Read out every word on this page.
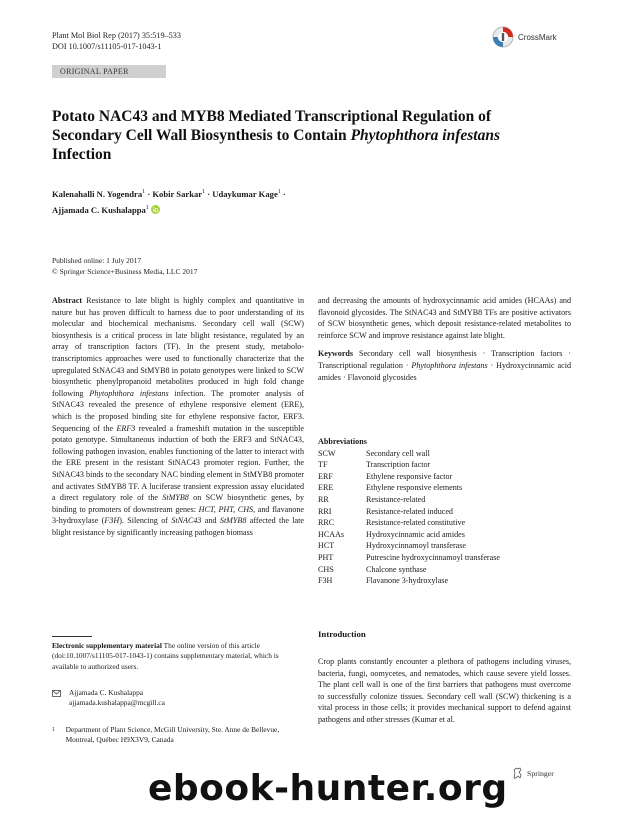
Plant Mol Biol Rep (2017) 35:519–533
DOI 10.1007/s11105-017-1043-1
CrossMark
ORIGINAL PAPER
Potato NAC43 and MYB8 Mediated Transcriptional Regulation of Secondary Cell Wall Biosynthesis to Contain Phytophthora infestans Infection
Kalenahalli N. Yogendra$^1$ · Kobir Sarkar$^1$ · Udaykumar Kage$^1$ ·
Ajjamada C. Kushalappa$^1$
Published online: 1 July 2017
© Springer Science+Business Media, LLC 2017

Abstract Resistance to late blight is highly complex and quantitative in nature but has proven difficult to harness due to poor understanding of its molecular and biochemical mechanisms. Secondary cell wall (SCW) biosynthesis is a critical process in late blight resistance, regulated by an array of transcription factors (TF). In the present study, metabolo-transcriptomics approaches were used to functionally characterize that the upregulated StNAC43 and StMYB8 in potato genotypes were linked to SCW biosynthetic phenylpropanoid metabolites produced in high fold change following Phytophthora infestans infection. The promoter analysis of StNAC43 revealed the presence of ethylene responsive element (ERE), which is the proposed binding site for ethylene responsive factor, ERF3. Sequencing of the ERF3 revealed a frameshift mutation in the susceptible potato genotype. Simultaneous induction of both the ERF3 and StNAC43, following pathogen invasion, enables functioning of the latter to interact with the ERE present in the resistant StNAC43 promoter region. Further, the StNAC43 binds to the secondary NAC binding element in StMYB8 promoter and activates StMYB8 TF. A luciferase transient expression assay elucidated a direct regulatory role of the StMYB8 on SCW biosynthetic genes, by binding to promoters of downstream genes: HCT, PHT, CHS, and flavanone 3-hydroxylase (F3H). Silencing of StNAC43 and StMYB8 affected the late blight resistance by significantly increasing pathogen biomass

and decreasing the amounts of hydroxycinnamic acid amides (HCAAs) and flavonoid glycosides. The StNAC43 and StMYB8 TFs are positive activators of SCW biosynthetic genes, which deposit resistance-related metabolites to reinforce SCW and improve resistance against late blight.

Keywords Secondary cell wall biosynthesis · Transcription factors · Transcriptional regulation · Phytophthora infestans · Hydroxycinnamic acid amides · Flavonoid glycosides

Abbreviations
SCW	Secondary cell wall
TF	Transcription factor
ERF	Ethylene responsive factor
ERE	Ethylene responsive elements
RR	Resistance-related
RRI	Resistance-related induced
RRC	Resistance-related constitutive
HCAAs	Hydroxycinnamic acid amides
HCT	Hydroxycinnamoyl transferase
PHT	Putrescine hydroxycinnamoyl transferase
CHS	Chalcone synthase
F3H	Flavanone 3-hydroxylase
Introduction

Crop plants constantly encounter a plethora of pathogens including viruses, bacteria, fungi, oomycetes, and nematodes, which cause severe yield losses. The plant cell wall is one of the first barriers that pathogens must overcome to successfully colonize tissues. Secondary cell wall (SCW) thickening is a vital process in those cells; it provides mechanical support to defend against pathogens and other stresses (Kumar et al.

Electronic supplementary material The online version of this article (doi:10.1007/s11105-017-1043-1) contains supplementary material, which is available to authorized users.
Ajjamada C. Kushalappa
ajjamada.kushalappa@mcgill.ca
1	Department of Plant Science, McGill University, Ste. Anne de Bellevue, Montreal, Québec H9X3V9, Canada
Springer
ebook-hunter.org
